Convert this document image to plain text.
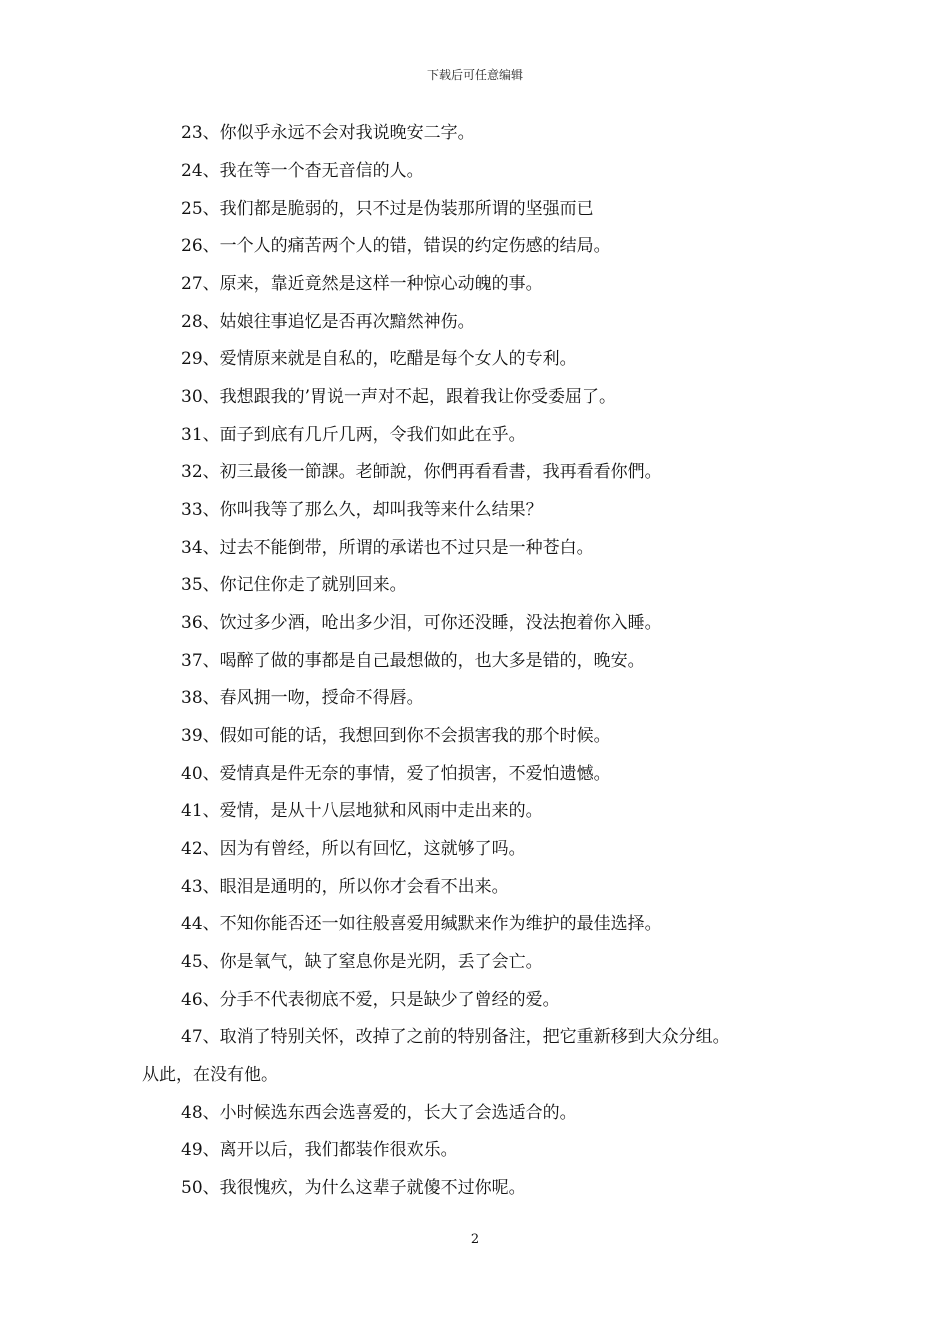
下载后可任意编辑
23、你似乎永远不会对我说晚安二字。
24、我在等一个杳无音信的人。
25、我们都是脆弱的，只不过是伪装那所谓的坚强而已
26、一个人的痛苦两个人的错，错误的约定伤感的结局。
27、原来，靠近竟然是这样一种惊心动魄的事。
28、姑娘往事追忆是否再次黯然神伤。
29、爱情原来就是自私的，吃醋是每个女人的专利。
30、我想跟我的’胃说一声对不起，跟着我让你受委屈了。
31、面子到底有几斤几两，令我们如此在乎。
32、初三最後一節課。老師說，你們再看看書，我再看看你們。
33、你叫我等了那么久，却叫我等来什么结果？
34、过去不能倒带，所谓的承诺也不过只是一种苍白。
35、你记住你走了就别回来。
36、饮过多少酒，呛出多少泪，可你还没睡，没法抱着你入睡。
37、喝醉了做的事都是自己最想做的，也大多是错的，晚安。
38、春风拥一吻，授命不得唇。
39、假如可能的话，我想回到你不会损害我的那个时候。
40、爱情真是件无奈的事情，爱了怕损害，不爱怕遗憾。
41、爱情，是从十八层地狱和风雨中走出来的。
42、因为有曾经，所以有回忆，这就够了吗。
43、眼泪是通明的，所以你才会看不出来。
44、不知你能否还一如往般喜爱用缄默来作为维护的最佳选择。
45、你是氧气，缺了窒息你是光阴，丢了会亡。
46、分手不代表彻底不爱，只是缺少了曾经的爱。
47、取消了特别关怀，改掉了之前的特别备注，把它重新移到大众分组。
从此，在没有他。
48、小时候选东西会选喜爱的，长大了会选适合的。
49、离开以后，我们都装作很欢乐。
50、我很愧疚，为什么这辈子就傻不过你呢。
2
